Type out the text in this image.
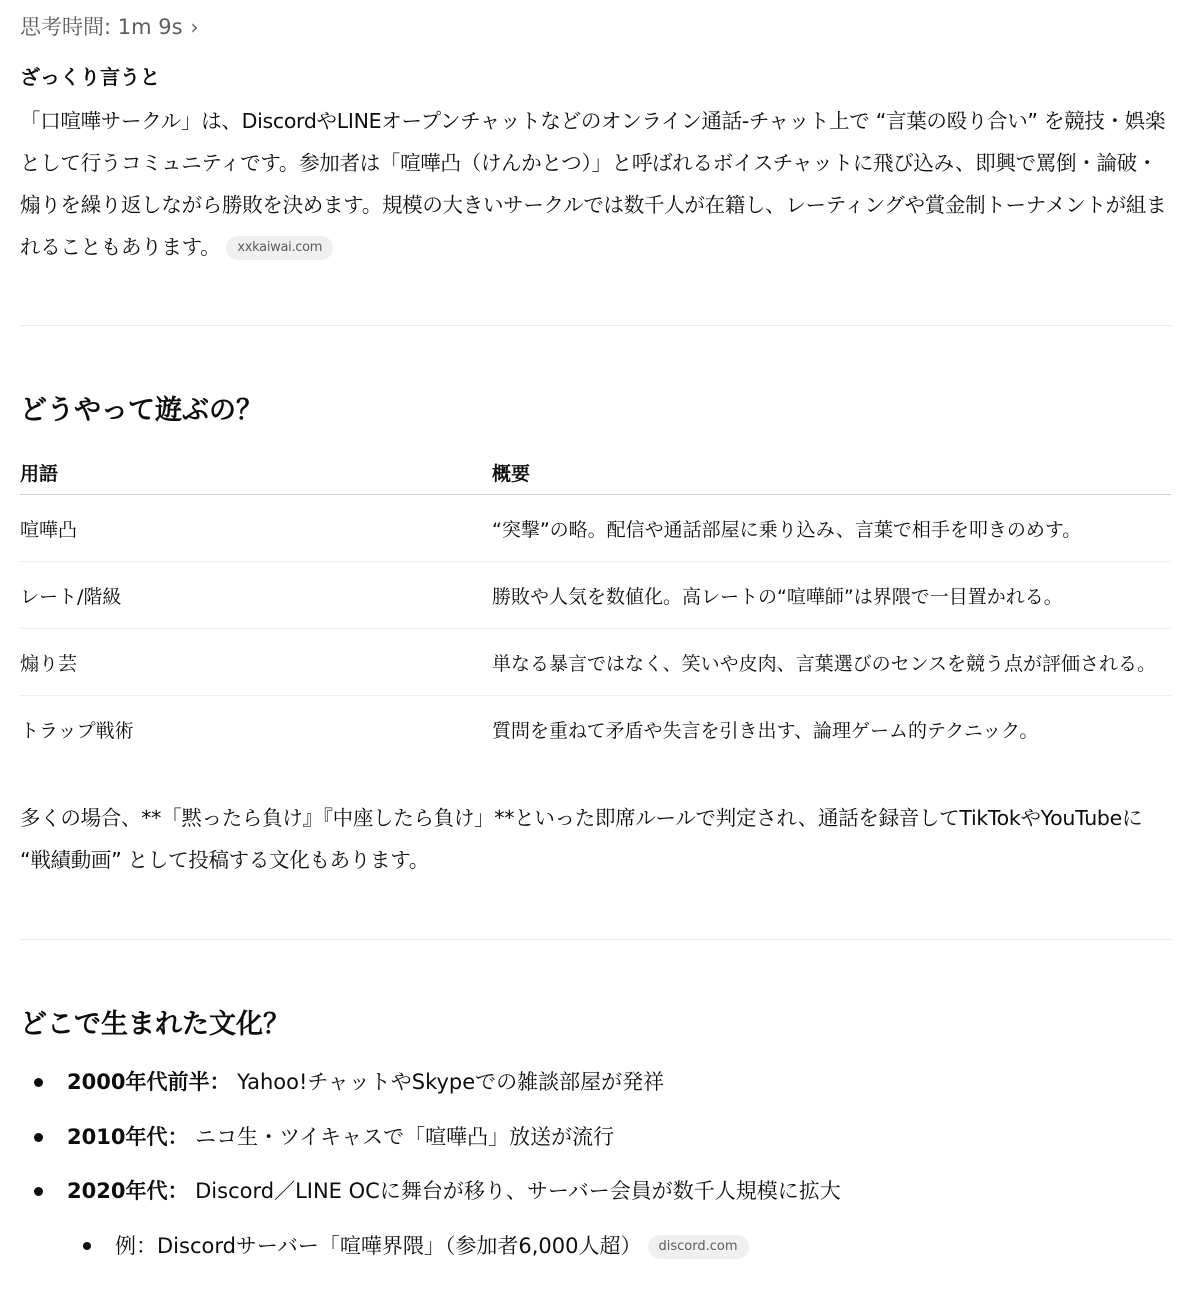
思考時間: 1m 9s ›
ざっくり言うと
「口喧嘩サークル」は、DiscordやLINEオープンチャットなどのオンライン通話-チャット上で “言葉の殴り合い” を競技・娯楽として行うコミュニティです。参加者は「喧嘩凸（けんかとつ）」と呼ばれるボイスチャットに飛び込み、即興で罵倒・論破・煽りを繰り返しながら勝敗を決めます。規模の大きいサークルでは数千人が在籍し、レーティングや賞金制トーナメントが組まれることもあります。 xxkaiwai.com
どうやって遊ぶの？
用語	概要
喧嘩凸	“突撃”の略。配信や通話部屋に乗り込み、言葉で相手を叩きのめす。
レート/階級	勝敗や人気を数値化。高レートの“喧嘩師”は界隈で一目置かれる。
煽り芸	単なる暴言ではなく、笑いや皮肉、言葉選びのセンスを競う点が評価される。
トラップ戦術	質問を重ねて矛盾や失言を引き出す、論理ゲーム的テクニック。
多くの場合、**「黙ったら負け』『中座したら負け」**といった即席ルールで判定され、通話を録音してTikTokやYouTubeに “戦績動画” として投稿する文化もあります。
どこで生まれた文化？
2000年代前半： Yahoo!チャットやSkypeでの雑談部屋が発祥
2010年代： ニコ生・ツイキャスで「喧嘩凸」放送が流行
2020年代： Discord／LINE OCに舞台が移り、サーバー会員が数千人規模に拡大
例：Discordサーバー「喧嘩界隈」（参加者6,000人超） discord.com
